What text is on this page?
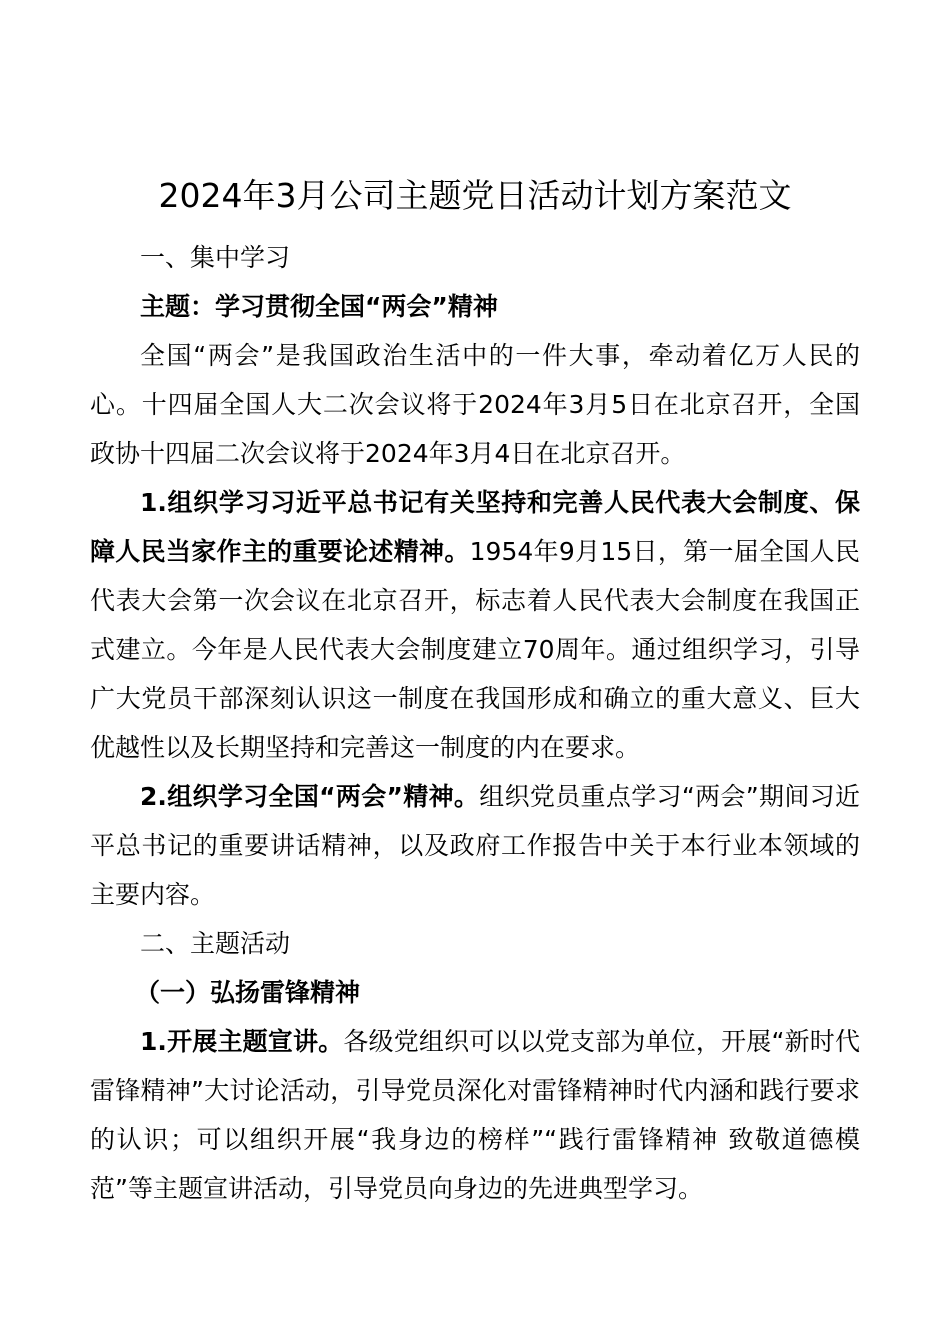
2024年3月公司主题党日活动计划方案范文

一、集中学习

主题：学习贯彻全国“两会”精神

全国“两会”是我国政治生活中的一件大事，牵动着亿万人民的心。十四届全国人大二次会议将于2024年3月5日在北京召开，全国政协十四届二次会议将于2024年3月4日在北京召开。

1.组织学习习近平总书记有关坚持和完善人民代表大会制度、保障人民当家作主的重要论述精神。1954年9月15日，第一届全国人民代表大会第一次会议在北京召开，标志着人民代表大会制度在我国正式建立。今年是人民代表大会制度建立70周年。通过组织学习，引导广大党员干部深刻认识这一制度在我国形成和确立的重大意义、巨大优越性以及长期坚持和完善这一制度的内在要求。

2.组织学习全国“两会”精神。组织党员重点学习“两会”期间习近平总书记的重要讲话精神，以及政府工作报告中关于本行业本领域的主要内容。

二、主题活动

（一）弘扬雷锋精神

1.开展主题宣讲。各级党组织可以以党支部为单位，开展“新时代雷锋精神”大讨论活动，引导党员深化对雷锋精神时代内涵和践行要求的认识；可以组织开展“我身边的榜样”“践行雷锋精神 致敬道德模范”等主题宣讲活动，引导党员向身边的先进典型学习。
